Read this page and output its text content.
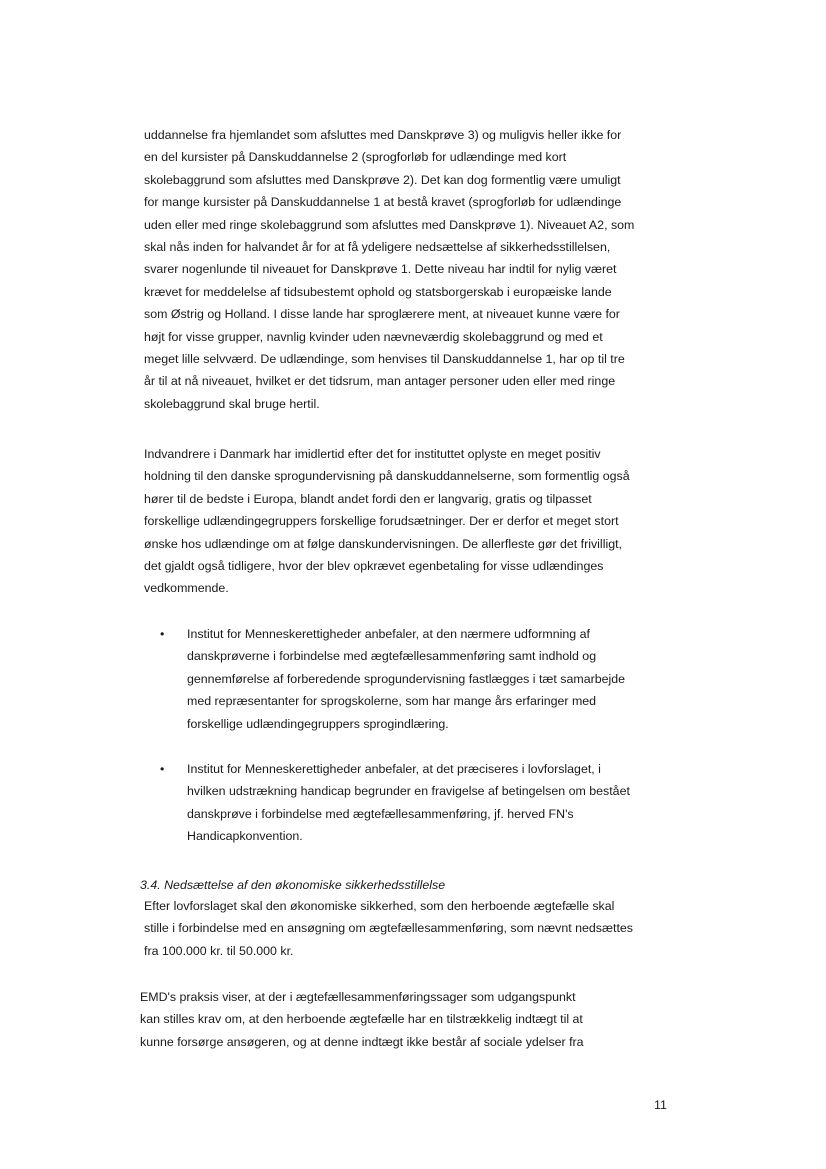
uddannelse fra hjemlandet som afsluttes med Danskprøve 3) og muligvis heller ikke for
en del kursister på Danskuddannelse 2 (sprogforløb for udlændinge med kort
skolebaggrund som afsluttes med Danskprøve 2). Det kan dog formentlig være umuligt
for mange kursister på Danskuddannelse 1 at bestå kravet (sprogforløb for udlændinge
uden eller med ringe skolebaggrund som afsluttes med Danskprøve 1). Niveauet A2, som
skal nås inden for halvandet år for at få ydeligere nedsættelse af sikkerhedsstillelsen,
svarer nogenlunde til niveauet for Danskprøve 1. Dette niveau har indtil for nylig været
krævet for meddelelse af tidsubestemt ophold og statsborgerskab i europæiske lande
som Østrig og Holland. I disse lande har sproglærere ment, at niveauet kunne være for
højt for visse grupper, navnlig kvinder uden nævneværdig skolebaggrund og med et
meget lille selvværd. De udlændinge, som henvises til Danskuddannelse 1, har op til tre
år til at nå niveauet, hvilket er det tidsrum, man antager personer uden eller med ringe
skolebaggrund skal bruge hertil.
Indvandrere i Danmark har imidlertid efter det for instituttet oplyste en meget positiv
holdning til den danske sprogundervisning på danskuddannelserne, som formentlig også
hører til de bedste i Europa, blandt andet fordi den er langvarig, gratis og tilpasset
forskellige udlændingegruppers forskellige forudsætninger. Der er derfor et meget stort
ønske hos udlændinge om at følge danskundervisningen. De allerfleste gør det frivilligt,
det gjaldt også tidligere, hvor der blev opkrævet egenbetaling for visse udlændinges
vedkommende.
• Institut for Menneskerettigheder anbefaler, at den nærmere udformning af
danskprøverne i forbindelse med ægtefællesammenføring samt indhold og
gennemførelse af forberedende sprogundervisning fastlægges i tæt samarbejde
med repræsentanter for sprogskolerne, som har mange års erfaringer med
forskellige udlændingegruppers sprogindlæring.
• Institut for Menneskerettigheder anbefaler, at det præciseres i lovforslaget, i
hvilken udstrækning handicap begrunder en fravigelse af betingelsen om bestået
danskprøve i forbindelse med ægtefællesammenføring, jf. herved FN's
Handicapkonvention.
3.4. Nedsættelse af den økonomiske sikkerhedsstillelse
Efter lovforslaget skal den økonomiske sikkerhed, som den herboende ægtefælle skal
stille i forbindelse med en ansøgning om ægtefællesammenføring, som nævnt nedsættes
fra 100.000 kr. til 50.000 kr.
EMD's praksis viser, at der i ægtefællesammenføringssager som udgangspunkt
kan stilles krav om, at den herboende ægtefælle har en tilstrækkelig indtægt til at
kunne forsørge ansøgeren, og at denne indtægt ikke består af sociale ydelser fra
11
